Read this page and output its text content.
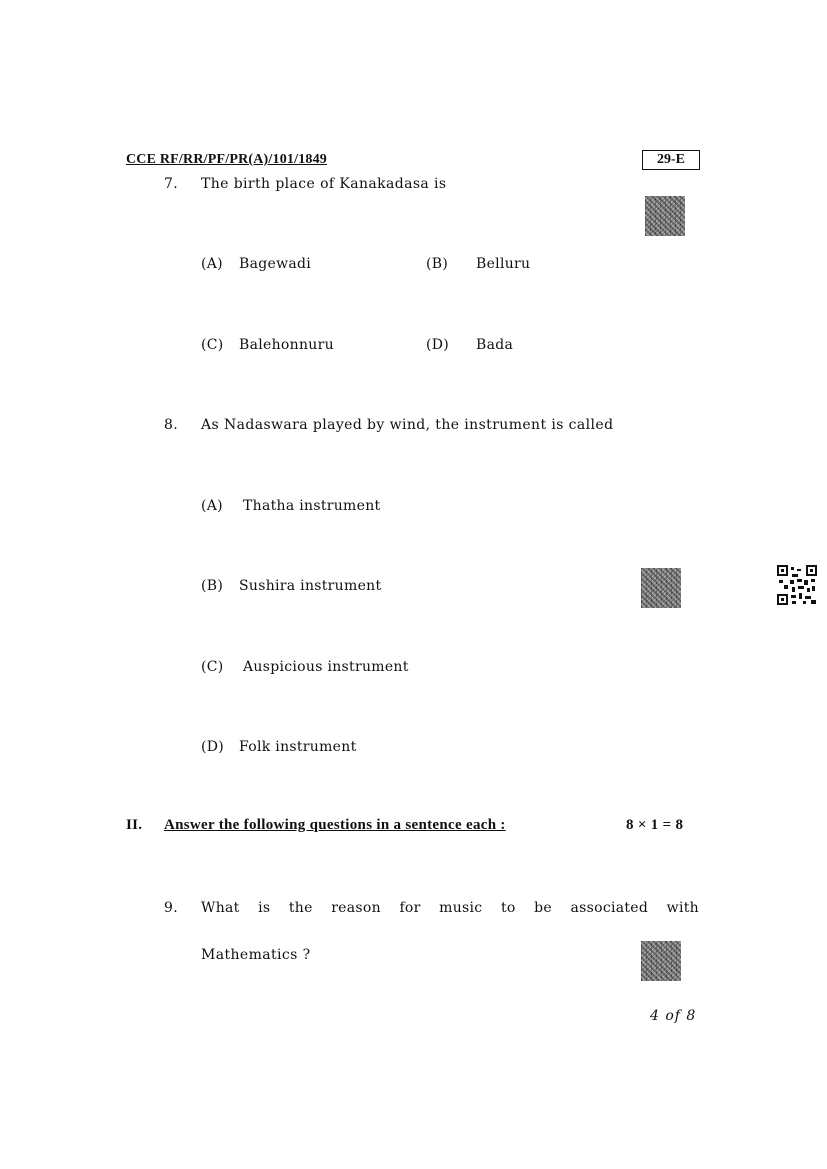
CCE RF/RR/PF/PR(A)/101/1849	29-E
7. The birth place of Kanakadasa is
(A) Bagewadi	(B) Belluru
(C) Balehonnuru	(D) Bada
8. As Nadaswara played by wind, the instrument is called
(A) Thatha instrument
(B) Sushira instrument
(C) Auspicious instrument
(D) Folk instrument
II. Answer the following questions in a sentence each :	8 × 1 = 8
9. What is the reason for music to be associated with
Mathematics ?
4 of 8
